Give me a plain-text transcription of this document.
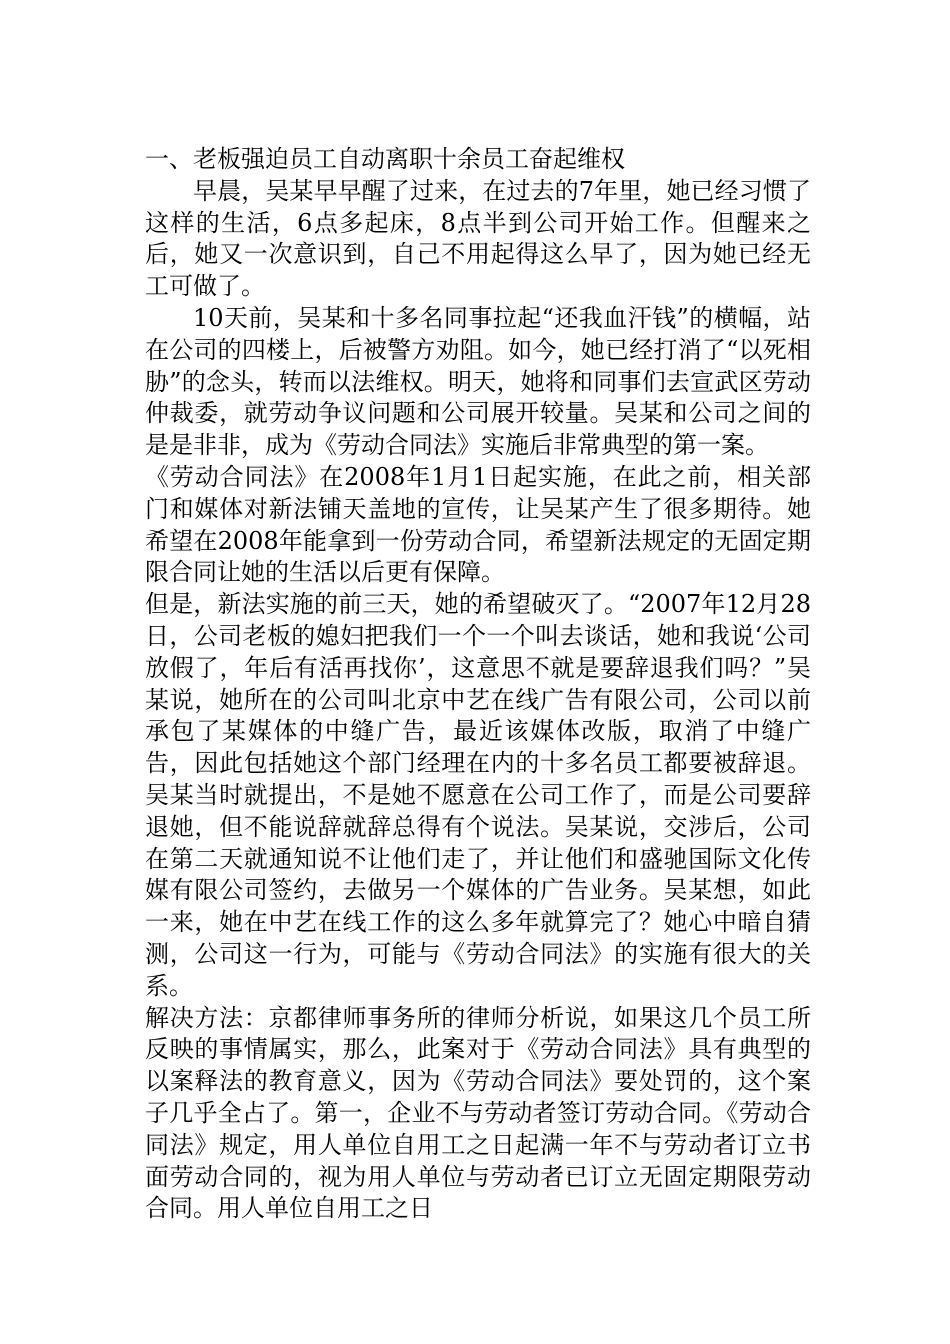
一、老板强迫员工自动离职十余员工奋起维权

早晨，吴某早早醒了过来，在过去的7年里，她已经习惯了这样的生活，6点多起床，8点半到公司开始工作。但醒来之后，她又一次意识到，自己不用起得这么早了，因为她已经无工可做了。

10天前，吴某和十多名同事拉起“还我血汗钱”的横幅，站在公司的四楼上，后被警方劝阻。如今，她已经打消了“以死相胁”的念头，转而以法维权。明天，她将和同事们去宣武区劳动仲裁委，就劳动争议问题和公司展开较量。吴某和公司之间的是是非非，成为《劳动合同法》实施后非常典型的第一案。

《劳动合同法》在2008年1月1日起实施，在此之前，相关部门和媒体对新法铺天盖地的宣传，让吴某产生了很多期待。她希望在2008年能拿到一份劳动合同，希望新法规定的无固定期限合同让她的生活以后更有保障。

但是，新法实施的前三天，她的希望破灭了。“2007年12月28日，公司老板的媳妇把我们一个一个叫去谈话，她和我说‘公司放假了，年后有活再找你’，这意思不就是要辞退我们吗？”吴某说，她所在的公司叫北京中艺在线广告有限公司，公司以前承包了某媒体的中缝广告，最近该媒体改版，取消了中缝广告，因此包括她这个部门经理在内的十多名员工都要被辞退。吴某当时就提出，不是她不愿意在公司工作了，而是公司要辞退她，但不能说辞就辞总得有个说法。吴某说，交涉后，公司在第二天就通知说不让他们走了，并让他们和盛驰国际文化传媒有限公司签约，去做另一个媒体的广告业务。吴某想，如此一来，她在中艺在线工作的这么多年就算完了？她心中暗自猜测，公司这一行为，可能与《劳动合同法》的实施有很大的关系。

解决方法：京都律师事务所的律师分析说，如果这几个员工所反映的事情属实，那么，此案对于《劳动合同法》具有典型的以案释法的教育意义，因为《劳动合同法》要处罚的，这个案子几乎全占了。第一，企业不与劳动者签订劳动合同。《劳动合同法》规定，用人单位自用工之日起满一年不与劳动者订立书面劳动合同的，视为用人单位与劳动者已订立无固定期限劳动合同。用人单位自用工之日
